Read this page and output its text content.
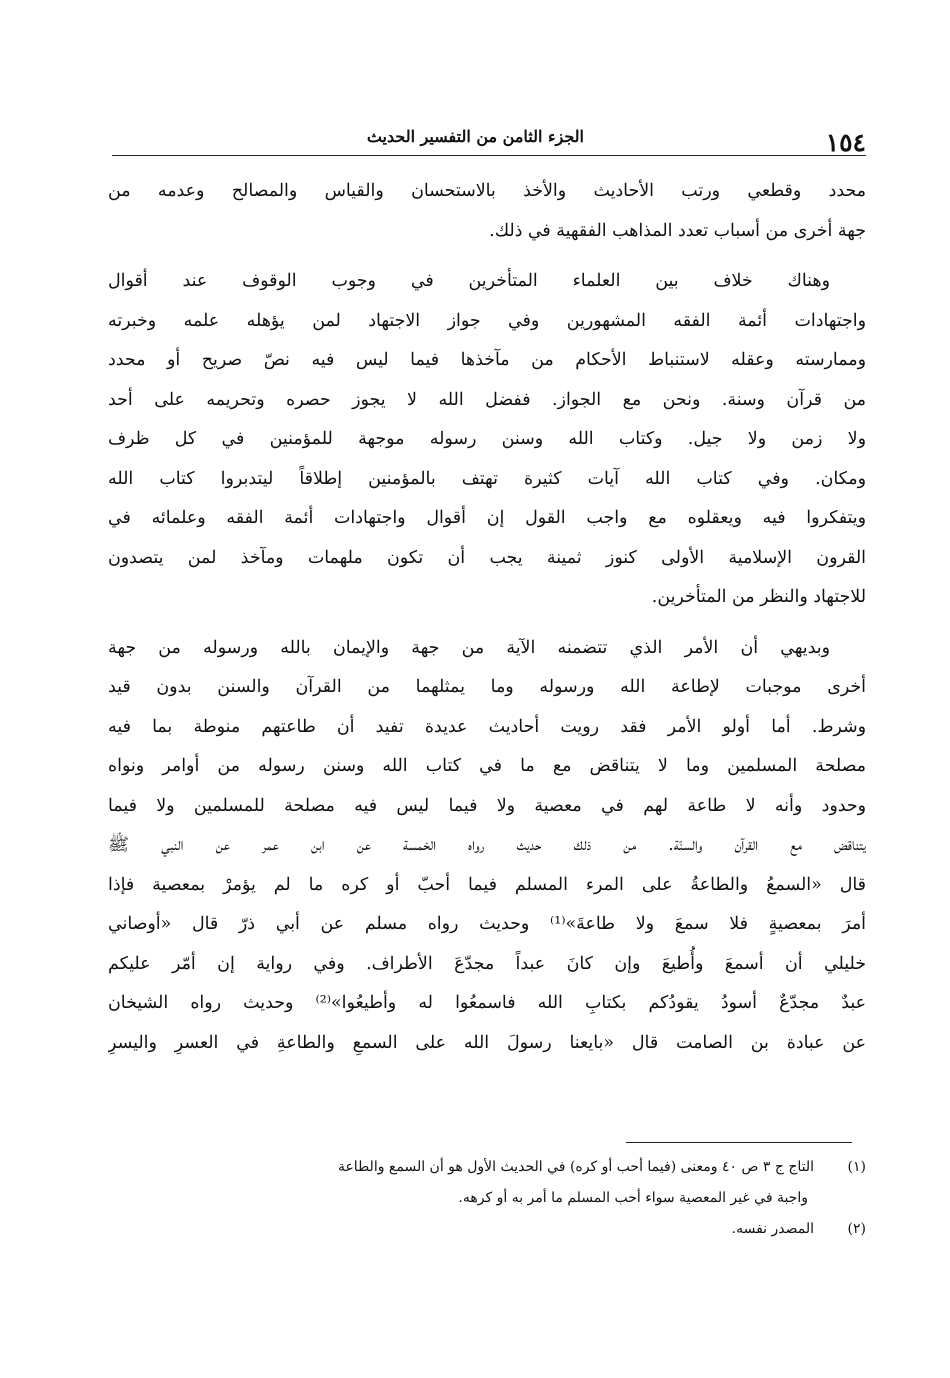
١٥٤
الجزء الثامن من التفسير الحديث
محدد وقطعي ورتب الأحاديث والأخذ بالاستحسان والقياس والمصالح وعدمه من
جهة أخرى من أسباب تعدد المذاهب الفقهية في ذلك.
وهناك خلاف بين العلماء المتأخرين في وجوب الوقوف عند أقوال
واجتهادات أئمة الفقه المشهورين وفي جواز الاجتهاد لمن يؤهله علمه وخبرته
وممارسته وعقله لاستنباط الأحكام من مآخذها فيما ليس فيه نصّ صريح أو محدد
من قرآن وسنة. ونحن مع الجواز. ففضل الله لا يجوز حصره وتحريمه على أحد
ولا زمن ولا جيل. وكتاب الله وسنن رسوله موجهة للمؤمنين في كل ظرف
ومكان. وفي كتاب الله آيات كثيرة تهتف بالمؤمنين إطلاقاً ليتدبروا كتاب الله
ويتفكروا فيه ويعقلوه مع واجب القول إن أقوال واجتهادات أئمة الفقه وعلمائه في
القرون الإسلامية الأولى كنوز ثمينة يجب أن تكون ملهمات ومآخذ لمن يتصدون
للاجتهاد والنظر من المتأخرين.
وبديهي أن الأمر الذي تتضمنه الآية من جهة والإيمان بالله ورسوله من جهة
أخرى موجبات لإطاعة الله ورسوله وما يمثلهما من القرآن والسنن بدون قيد
وشرط. أما أولو الأمر فقد رويت أحاديث عديدة تفيد أن طاعتهم منوطة بما فيه
مصلحة المسلمين وما لا يتناقض مع ما في كتاب الله وسنن رسوله من أوامر ونواه
وحدود وأنه لا طاعة لهم في معصية ولا فيما ليس فيه مصلحة للمسلمين ولا فيما
يتناقض مع القرآن والسنّة. من ذلك حديث رواه الخمسة عن ابن عمر عن النبي ﷺ
قال «السمعُ والطاعةُ على المرء المسلم فيما أحبّ أو كره ما لم يؤمرْ بمعصية فإذا
أمرَ بمعصيةٍ فلا سمعَ ولا طاعةَ»⁽¹⁾ وحديث رواه مسلم عن أبي ذرّ قال «أوصاني
خليلي أن أسمعَ وأُطيعَ وإن كانَ عبداً مجدّعَ الأطراف. وفي رواية إن أمّر عليكم
عبدٌ مجدّعٌ أسودُ يقودُكم بكتابِ الله فاسمعُوا له وأطيعُوا»⁽²⁾ وحديث رواه الشيخان
عن عبادة بن الصامت قال «بايعنا رسولَ الله على السمعِ والطاعةِ في العسرِ واليسرِ
(١)التاج ج ٣ ص ٤٠ ومعنى (فيما أحب أو كره) في الحديث الأول هو أن السمع والطاعة
واجبة في غير المعصية سواء أحب المسلم ما أمر به أو كرهه.
(٢)المصدر نفسه.
